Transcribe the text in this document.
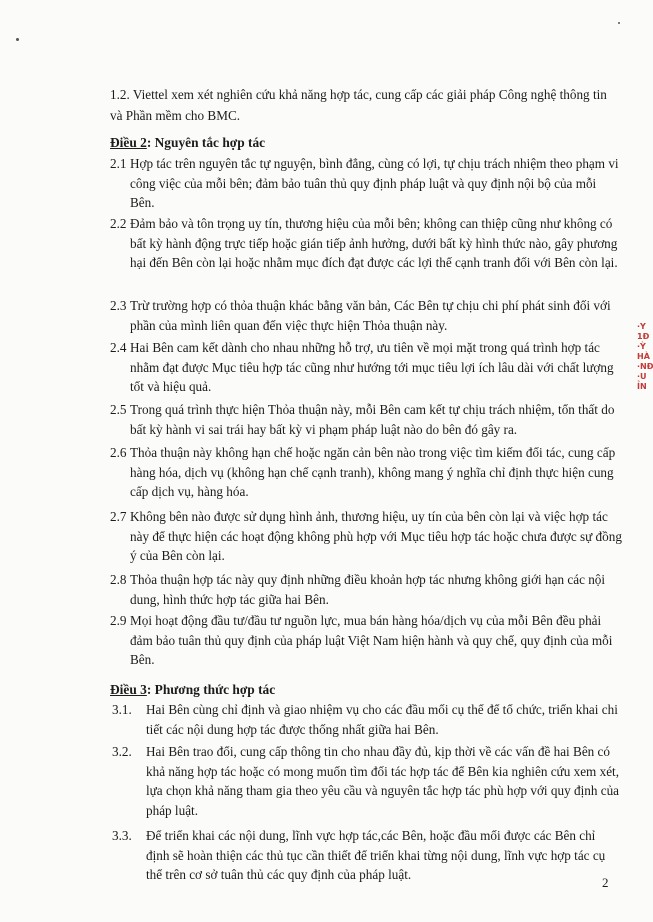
·Y
1Đ
·Ỳ
HÀ
·NĐ
·U
ỈN
1.2. Viettel xem xét nghiên cứu khả năng hợp tác, cung cấp các giải pháp Công nghệ thông tin và Phần mềm cho BMC.
Điều 2: Nguyên tắc hợp tác
2.1 Hợp tác trên nguyên tắc tự nguyện, bình đẳng, cùng có lợi, tự chịu trách nhiệm theo phạm vi công việc của mỗi bên; đảm bảo tuân thủ quy định pháp luật và quy định nội bộ của mỗi Bên.
2.2 Đảm bảo và tôn trọng uy tín, thương hiệu của mỗi bên; không can thiệp cũng như không có bất kỳ hành động trực tiếp hoặc gián tiếp ảnh hưởng, dưới bất kỳ hình thức nào, gây phương hại đến Bên còn lại hoặc nhằm mục đích đạt được các lợi thế cạnh tranh đối với Bên còn lại.
2.3 Trừ trường hợp có thỏa thuận khác bằng văn bản, Các Bên tự chịu chi phí phát sinh đối với phần của mình liên quan đến việc thực hiện Thỏa thuận này.
2.4 Hai Bên cam kết dành cho nhau những hỗ trợ, ưu tiên về mọi mặt trong quá trình hợp tác nhằm đạt được Mục tiêu hợp tác cũng như hướng tới mục tiêu lợi ích lâu dài với chất lượng tốt và hiệu quả.
2.5 Trong quá trình thực hiện Thỏa thuận này, mỗi Bên cam kết tự chịu trách nhiệm, tổn thất do bất kỳ hành vi sai trái hay bất kỳ vi phạm pháp luật nào do bên đó gây ra.
2.6 Thỏa thuận này không hạn chế hoặc ngăn cản bên nào trong việc tìm kiếm đối tác, cung cấp hàng hóa, dịch vụ (không hạn chế cạnh tranh), không mang ý nghĩa chỉ định thực hiện cung cấp dịch vụ, hàng hóa.
2.7 Không bên nào được sử dụng hình ảnh, thương hiệu, uy tín của bên còn lại và việc hợp tác này để thực hiện các hoạt động không phù hợp với Mục tiêu hợp tác hoặc chưa được sự đồng ý của Bên còn lại.
2.8 Thỏa thuận hợp tác này quy định những điều khoản hợp tác nhưng không giới hạn các nội dung, hình thức hợp tác giữa hai Bên.
2.9 Mọi hoạt động đầu tư/đầu tư nguồn lực, mua bán hàng hóa/dịch vụ của mỗi Bên đều phải đảm bảo tuân thủ quy định của pháp luật Việt Nam hiện hành và quy chế, quy định của mỗi Bên.
Điều 3: Phương thức hợp tác
3.1. Hai Bên cùng chỉ định và giao nhiệm vụ cho các đầu mối cụ thể để tổ chức, triển khai chi tiết các nội dung hợp tác được thống nhất giữa hai Bên.
3.2. Hai Bên trao đổi, cung cấp thông tin cho nhau đầy đủ, kịp thời về các vấn đề hai Bên có khả năng hợp tác hoặc có mong muốn tìm đối tác hợp tác để Bên kia nghiên cứu xem xét, lựa chọn khả năng tham gia theo yêu cầu và nguyên tắc hợp tác phù hợp với quy định của pháp luật.
3.3. Để triển khai các nội dung, lĩnh vực hợp tác,các Bên, hoặc đầu mối được các Bên chỉ định sẽ hoàn thiện các thủ tục cần thiết để triển khai từng nội dung, lĩnh vực hợp tác cụ thể trên cơ sở tuân thủ các quy định của pháp luật.
2
